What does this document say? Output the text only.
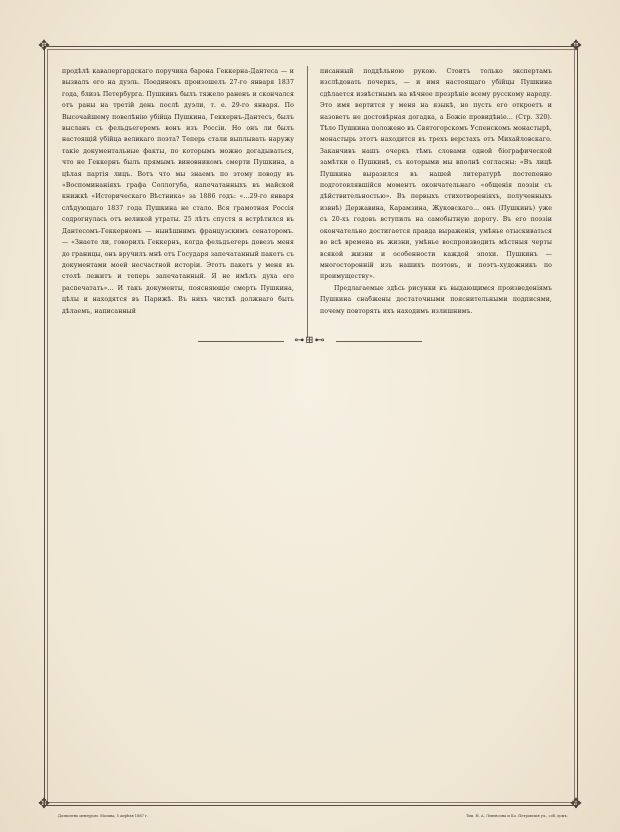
✥	✥
✥	✥

продѣлѣ кавалергардскаго поручика барона Геккерна-Дантеса — и вызвалъ его на дуэль. Поединокъ произошелъ 27-го января 1837 года, близъ Петербурга. Пушкинъ былъ тяжело раненъ и скончался отъ раны на третій день послѣ дуэли, т. е. 29-го января. По Высочайшему повелѣнію убійца Пушкина, Геккернъ-Дантесъ, былъ высланъ съ фельдъегеремъ вонъ изъ Россіи. Но онъ ли былъ настоящій убійца великаго поэта? Теперь стали выплывать наружу такіе документальные факты, по которымъ можно догадываться, что не Геккернъ былъ прямымъ виновникомъ смерти Пушкина, а цѣлая партія лицъ. Вотъ что мы знаемъ по этому поводу въ «Воспоминаніяхъ графа Соллогуба, напечатанныхъ въ майской книжкѣ «Историческаго Вѣстника» за 1886 годъ: «...29-го января слѣдующаго 1837 года Пушкина не стало. Вся грамотная Россія содрогнулась отъ великой утраты. 25 лѣтъ спустя я встрѣтился въ Дантесомъ-Геккерномъ — нынѣшнимъ французскимъ сенаторомъ. — «Знаете ли, говорилъ Геккернъ, когда фельдъегерь довезъ меня до границы, онъ вручилъ мнѣ отъ Государя запечатанный пакетъ съ документами моей несчастной исторіи. Этотъ пакетъ у меня въ столѣ лежитъ и теперь запечатанный. Я не имѣлъ духа его распечатать»... И такъ документы, поясняющіе смерть Пушкина, цѣлы и находятся въ Парижѣ. Въ нихъ чисткѣ должнаго быть дѣлаемъ, написанный

писанный поддѣльною рукою. Стоитъ только экспертамъ изслѣдовать почеркъ, — и имя настоящаго убійцы Пушкина сдѣлается извѣстнымъ на вѣчное презрѣніе всему русскому народу. Это имя вертится у меня на языкѣ, но пусть его откроетъ и назоветъ не достовѣрная догадка, а Божіе провидѣніе... (Стр. 320). Тѣло Пушкина положено въ Святогорскомъ Успенскомъ монастырѣ, монастырь этотъ находится въ трехъ верстахъ отъ Михайловскаго. Заканчивъ нашъ очеркъ тѣмъ словами одной біографической замѣтки о Пушкинѣ, съ которыми мы вполнѣ согласны: «Въ лицѣ Пушкина выразился въ нашей литературѣ постепенно подготовлявшійся моментъ окончательнаго «общенія поэзіи съ дѣйствительностью». Въ первыхъ стихотвореніяхъ, полученныхъ извнѣ) Державина, Карамзина, Жуковскаго... онъ (Пушкинъ) уже съ 20-хъ годовъ вступилъ на самобытную дорогу. Въ его поэзіи окончательно достигается правда выраженія, умѣнье отыскиваться во всѣ времена въ жизни, умѣнье воспроизводить мѣстныя черты всякой жизни и особенности каждой эпохи. Пушкинъ — многосторонній изъ нашихъ поэтовъ, и поэтъ-художникъ по преимуществу».

Предлагаемые здѣсь рисунки къ выдающимся произведеніямъ Пушкина снабжены достаточными пояснительными подписями, почему повторять ихъ находимъ излишнимъ.

⊶⊞⊷
Дозволено цензурою. Москва, 5 апрѣля 1887 г.	Тип. Н. А. Левенсона и Ко. Петровскія ул., соб. домъ.
